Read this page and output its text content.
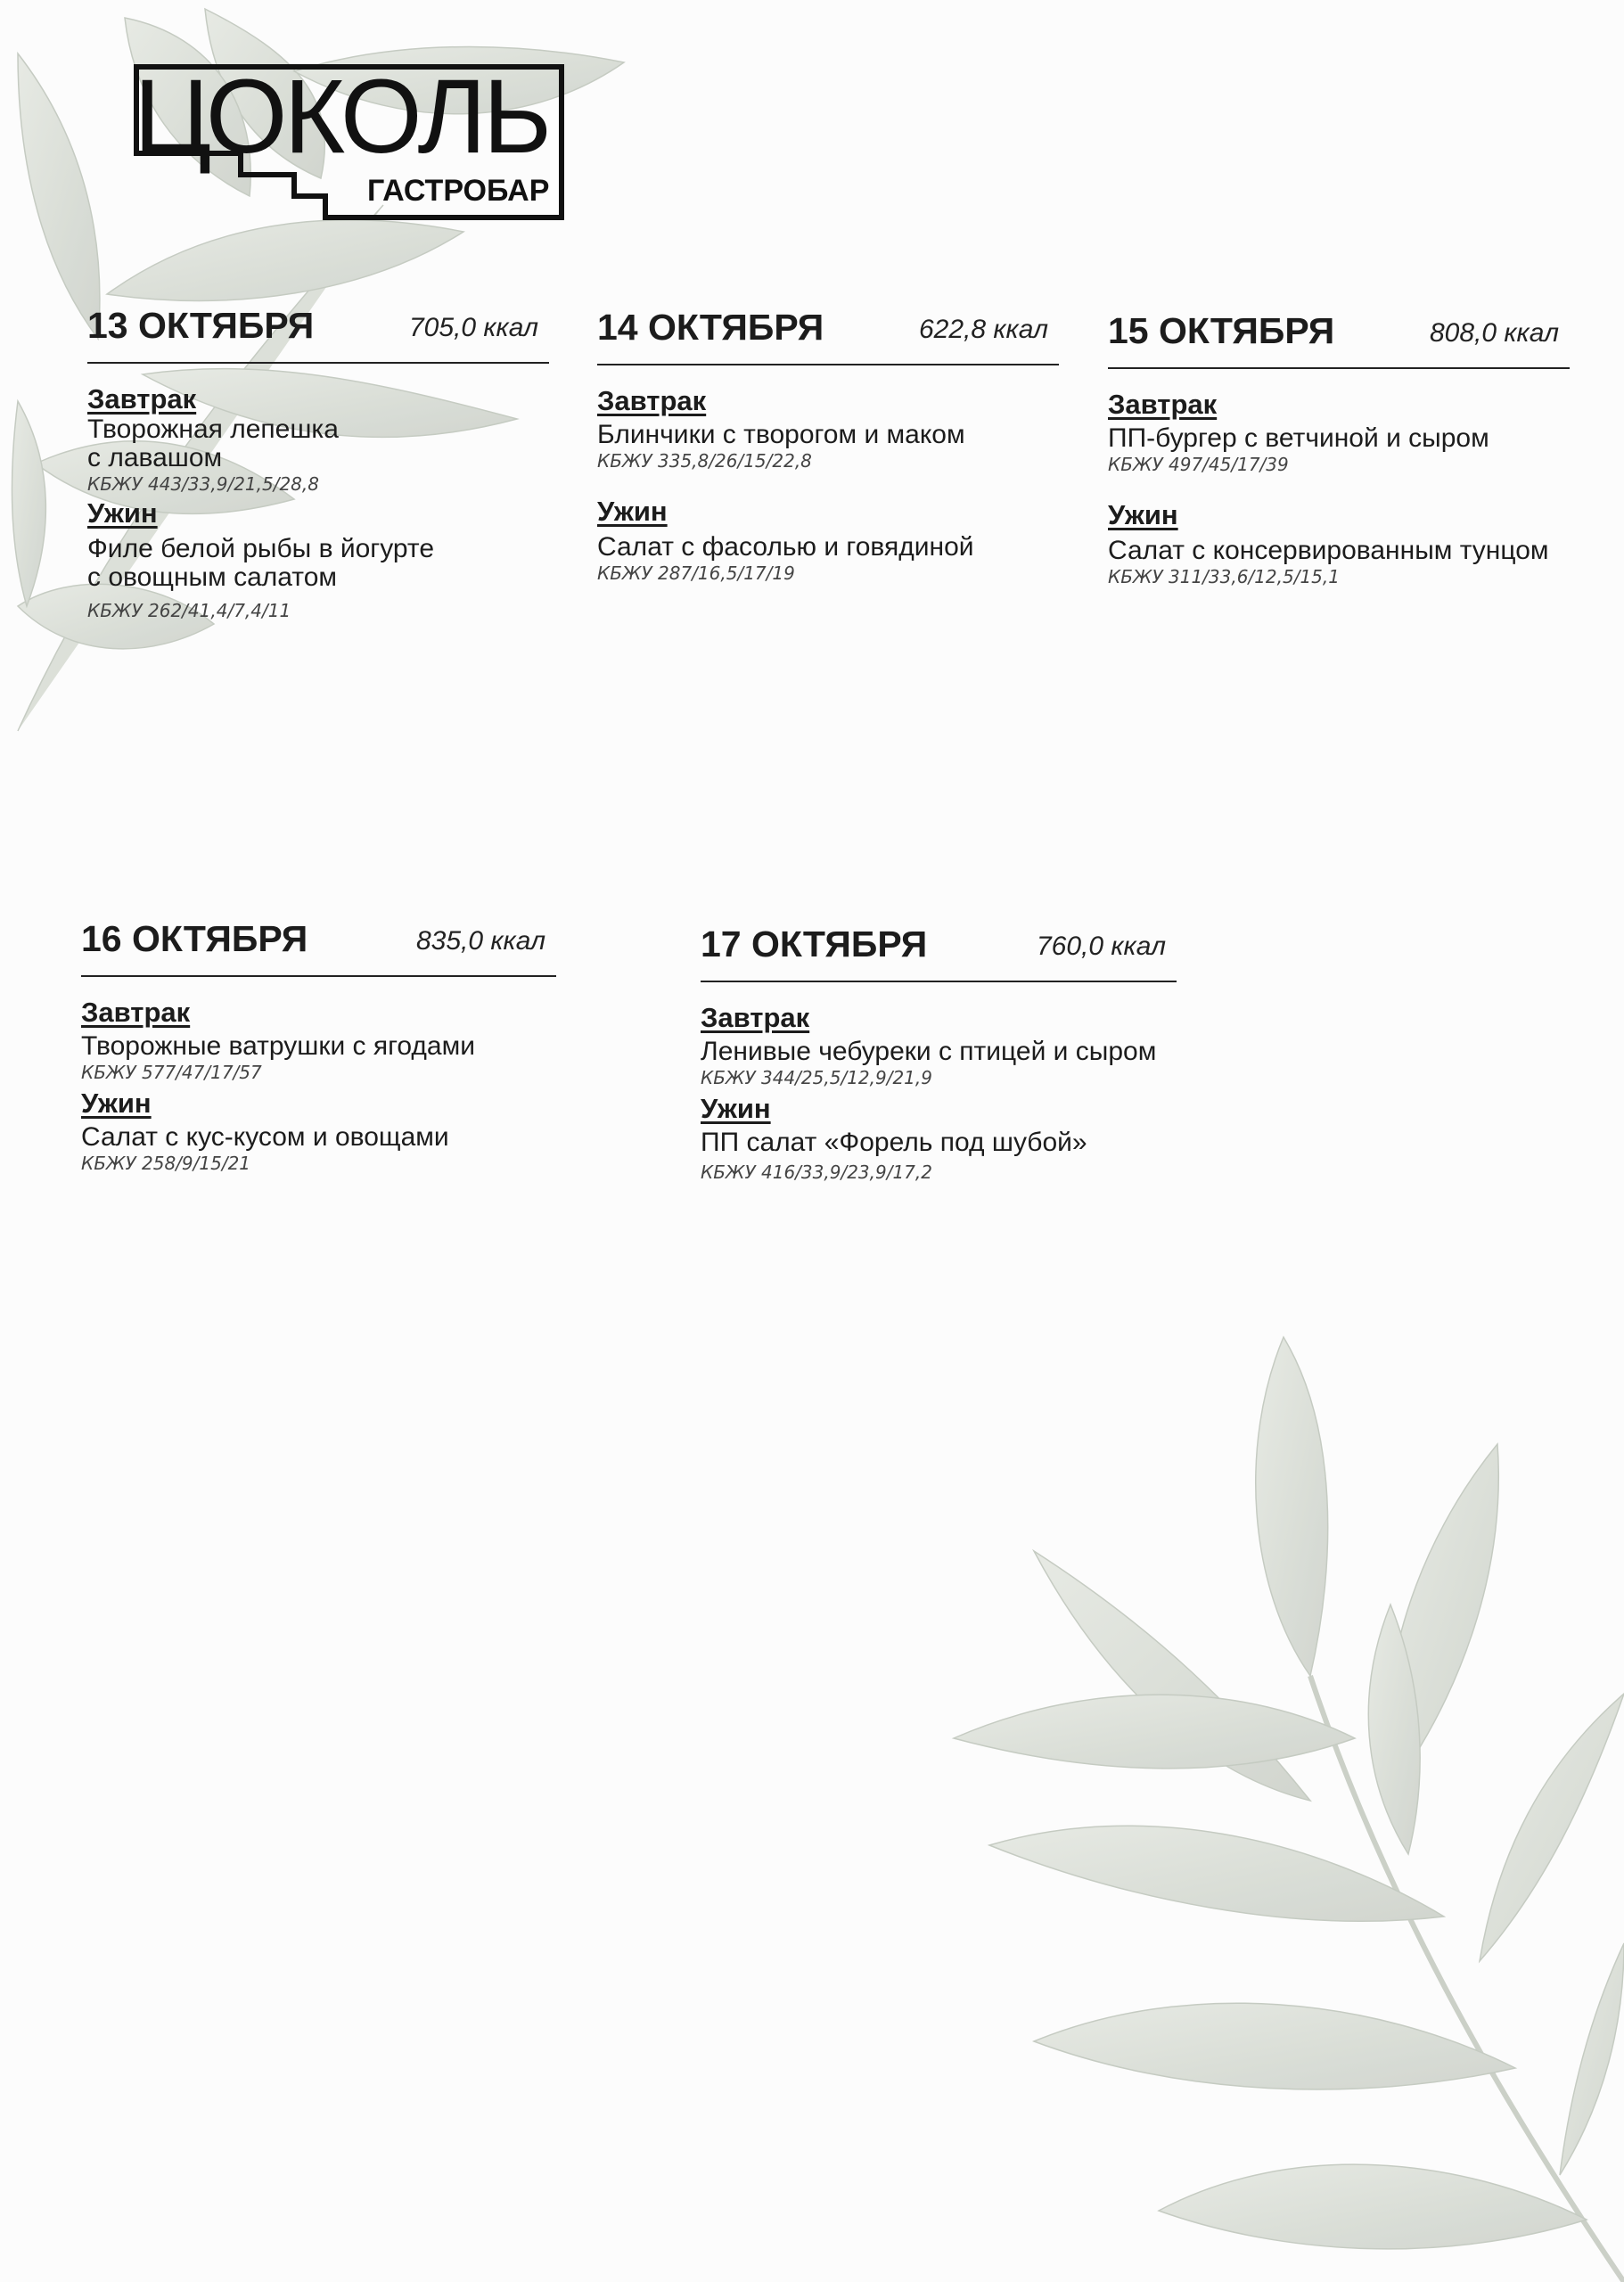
ЦОКОЛЬ
ГАСТРОБАР
13 ОКТЯБРЯ	705,0 ккал
Завтрак
Творожная лепешка
с лавашом
КБЖУ 443/33,9/21,5/28,8
Ужин
Филе белой рыбы в йогурте
с овощным салатом
КБЖУ 262/41,4/7,4/11
14 ОКТЯБРЯ	622,8 ккал
Завтрак
Блинчики с творогом и маком
КБЖУ 335,8/26/15/22,8
Ужин
Салат с фасолью и говядиной
КБЖУ 287/16,5/17/19
15 ОКТЯБРЯ	808,0 ккал
Завтрак
ПП-бургер с ветчиной и сыром
КБЖУ 497/45/17/39
Ужин
Салат с консервированным тунцом
КБЖУ 311/33,6/12,5/15,1
16 ОКТЯБРЯ	835,0 ккал
Завтрак
Творожные ватрушки с ягодами
КБЖУ 577/47/17/57
Ужин
Салат с кус-кусом и овощами
КБЖУ 258/9/15/21
17 ОКТЯБРЯ	760,0 ккал
Завтрак
Ленивые чебуреки с птицей и сыром
КБЖУ 344/25,5/12,9/21,9
Ужин
ПП салат «Форель под шубой»
КБЖУ 416/33,9/23,9/17,2
